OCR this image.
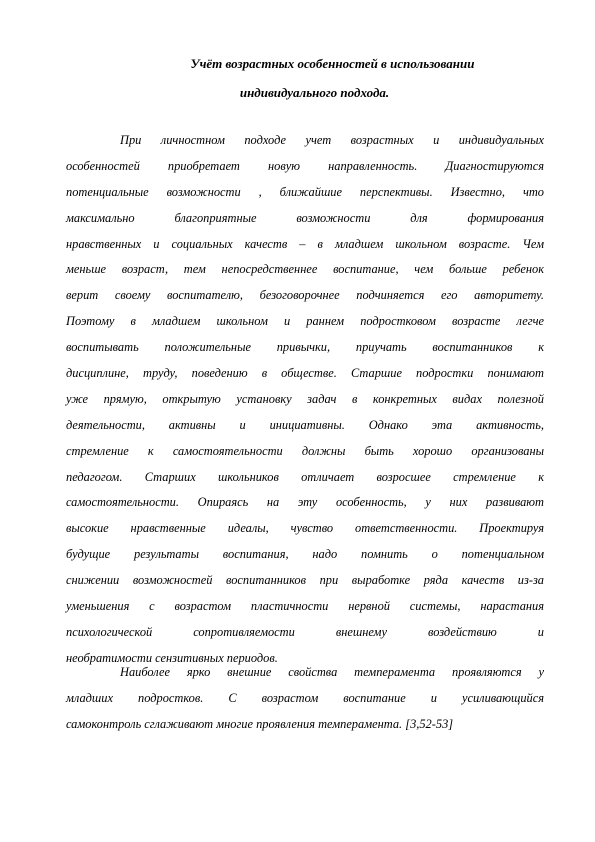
Учёт возрастных особенностей в использовании
индивидуального подхода.
При личностном подходе учет возрастных и индивидуальных
особенностей приобретает новую направленность. Диагностируются
потенциальные возможности , ближайшие перспективы. Известно, что
максимально благоприятные возможности для формирования
нравственных и социальных качеств – в младшем школьном возрасте. Чем
меньше возраст, тем непосредственнее воспитание, чем больше ребенок
верит своему воспитателю, безоговорочнее подчиняется его авторитету.
Поэтому в младшем школьном и раннем подростковом возрасте легче
воспитывать положительные привычки, приучать воспитанников к
дисциплине, труду, поведению в обществе. Старшие подростки понимают
уже прямую, открытую установку задач в конкретных видах полезной
деятельности, активны и инициативны. Однако эта активность,
стремление к самостоятельности должны быть хорошо организованы
педагогом. Старших школьников отличает возросшее стремление к
самостоятельности. Опираясь на эту особенность, у них развивают
высокие нравственные идеалы, чувство ответственности. Проектируя
будущие результаты воспитания, надо помнить о потенциальном
снижении возможностей воспитанников при выработке ряда качеств из-за
уменьшения с возрастом пластичности нервной системы, нарастания
психологической сопротивляемости внешнему воздействию и
необратимости сензитивных периодов.
Наиболее ярко внешние свойства темперамента проявляются у
младших подростков. С возрастом воспитание и усиливающийся
самоконтроль сглаживают многие проявления темперамента. [3,52-53]
